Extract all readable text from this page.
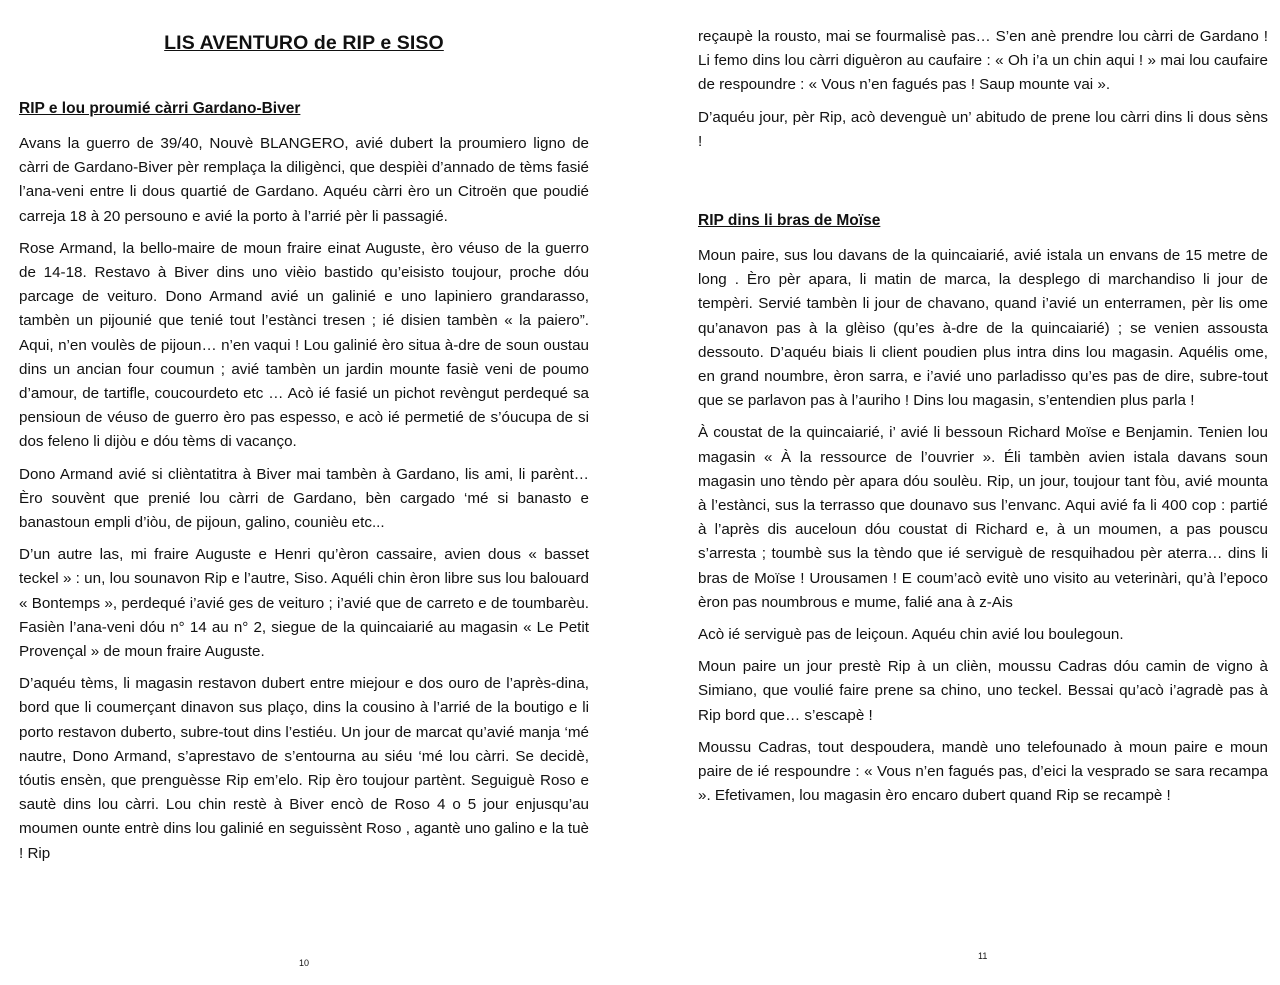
LIS AVENTURO de RIP e SISO
RIP e lou proumié càrri Gardano-Biver

Avans la guerro de 39/40, Nouvè BLANGERO, avié dubert la proumiero ligno de càrri de Gardano-Biver pèr remplaça la diligènci, que despièi d’annado de tèms fasié l’ana-veni entre li dous quartié de Gardano. Aquéu càrri èro un Citroën que poudié carreja 18 à 20 persouno e avié la porto à l’arrié pèr li passagié.

Rose Armand, la bello-maire de moun fraire einat Auguste, èro véuso de la guerro de 14-18. Restavo à Biver dins uno vièio bastido qu’eisisto toujour, proche dóu parcage de veituro. Dono Armand avié un galinié e uno lapiniero grandarasso, tambèn un pijounié que tenié tout l’estànci tresen ; ié disien tambèn « la paiero”. Aqui, n’en voulès de pijoun… n’en vaqui ! Lou galinié èro situa à-dre de soun oustau dins un ancian four coumun ; avié tambèn un jardin mounte fasiè veni de poumo d’amour, de tartifle, coucourdeto etc … Acò ié fasié un pichot revèngut perdequé sa pensioun de véuso de guerro èro pas espesso, e acò ié permetié de s’óucupa de si dos feleno li dijòu e dóu tèms di vacanço.

Dono Armand avié si clièntatitra à Biver mai tambèn à Gardano, lis ami, li parènt… Èro souvènt que prenié lou càrri de Gardano, bèn cargado ‘mé si banasto e banastoun empli d’iòu, de pijoun, galino, counièu etc...

D’un autre las, mi fraire Auguste e Henri qu’èron cassaire, avien dous « basset teckel » : un, lou sounavon Rip e l’autre, Siso. Aquéli chin èron libre sus lou balouard « Bontemps », perdequé i’avié ges de veituro ; i’avié que de carreto e de toumbarèu. Fasièn l’ana-veni dóu n° 14 au n° 2, siegue de la quincaiarié au magasin « Le Petit Provençal » de moun fraire Auguste.

D’aquéu tèms, li magasin restavon dubert entre miejour e dos ouro de l’après-dina, bord que li coumerçant dinavon sus plaço, dins la cousino à l’arrié de la boutigo e li porto restavon duberto, subre-tout dins l’estiéu. Un jour de marcat qu’avié manja ‘mé nautre, Dono Armand, s’aprestavo de s’entourna au siéu ‘mé lou càrri. Se decidè, tóutis ensèn, que prenguèsse Rip em’elo. Rip èro toujour partènt. Seguiguè Roso e sautè dins lou càrri. Lou chin restè à Biver encò de Roso 4 o 5 jour enjusqu’au moumen ounte entrè dins lou galinié en seguissènt Roso , agantè uno galino e la tuè ! Rip

10

reçaupè la rousto, mai se fourmalisè pas… S’en anè prendre lou càrri de Gardano ! Li femo dins lou càrri diguèron au caufaire : « Oh i’a un chin aqui ! » mai lou caufaire de respoundre : « Vous n’en fagués pas ! Saup mounte vai ».

D’aquéu jour, pèr Rip, acò devenguè un’ abitudo de prene lou càrri dins li dous sèns !

RIP dins li bras de Moïse

Moun paire, sus lou davans de la quincaiarié, avié istala un envans de 15 metre de long . Èro pèr apara, li matin de marca, la desplego di marchandiso li jour de tempèri. Servié tambèn li jour de chavano, quand i’avié un enterramen, pèr lis ome qu’anavon pas à la glèiso (qu’es à-dre de la quincaiarié) ; se venien assousta dessouto. D’aquéu biais li client poudien plus intra dins lou magasin. Aquélis ome, en grand noumbre, èron sarra, e i’avié uno parladisso qu’es pas de dire, subre-tout que se parlavon pas à l’auriho ! Dins lou magasin, s’entendien plus parla !

À coustat de la quincaiarié, i’ avié li bessoun Richard Moïse e Benjamin. Tenien lou magasin « À la ressource de l’ouvrier ». Éli tambèn avien istala davans soun magasin uno tèndo pèr apara dóu soulèu. Rip, un jour, toujour tant fòu, avié mounta à l’estànci, sus la terrasso que dounavo sus l’envanc. Aqui avié fa li 400 cop : partié à l’après dis auceloun dóu coustat di Richard e, à un moumen, a pas pouscu s’arresta ; toumbè sus la tèndo que ié serviguè de resquihadou pèr aterra… dins li bras de Moïse ! Urousamen ! E coum’acò evitè uno visito au veterinàri, qu’à l’epoco èron pas noumbrous e mume, falié ana à z-Ais

Acò ié serviguè pas de leiçoun. Aquéu chin avié lou boulegoun.

Moun paire un jour prestè Rip à un clièn, moussu Cadras dóu camin de vigno à Simiano, que voulié faire prene sa chino, uno teckel. Bessai qu’acò i’agradè pas à Rip bord que… s’escapè !

Moussu Cadras, tout despoudera, mandè uno telefounado à moun paire e moun paire de ié respoundre : « Vous n’en fagués pas, d’eici la vesprado se sara recampa ». Efetivamen, lou magasin èro encaro dubert quand Rip se recampè !

11
